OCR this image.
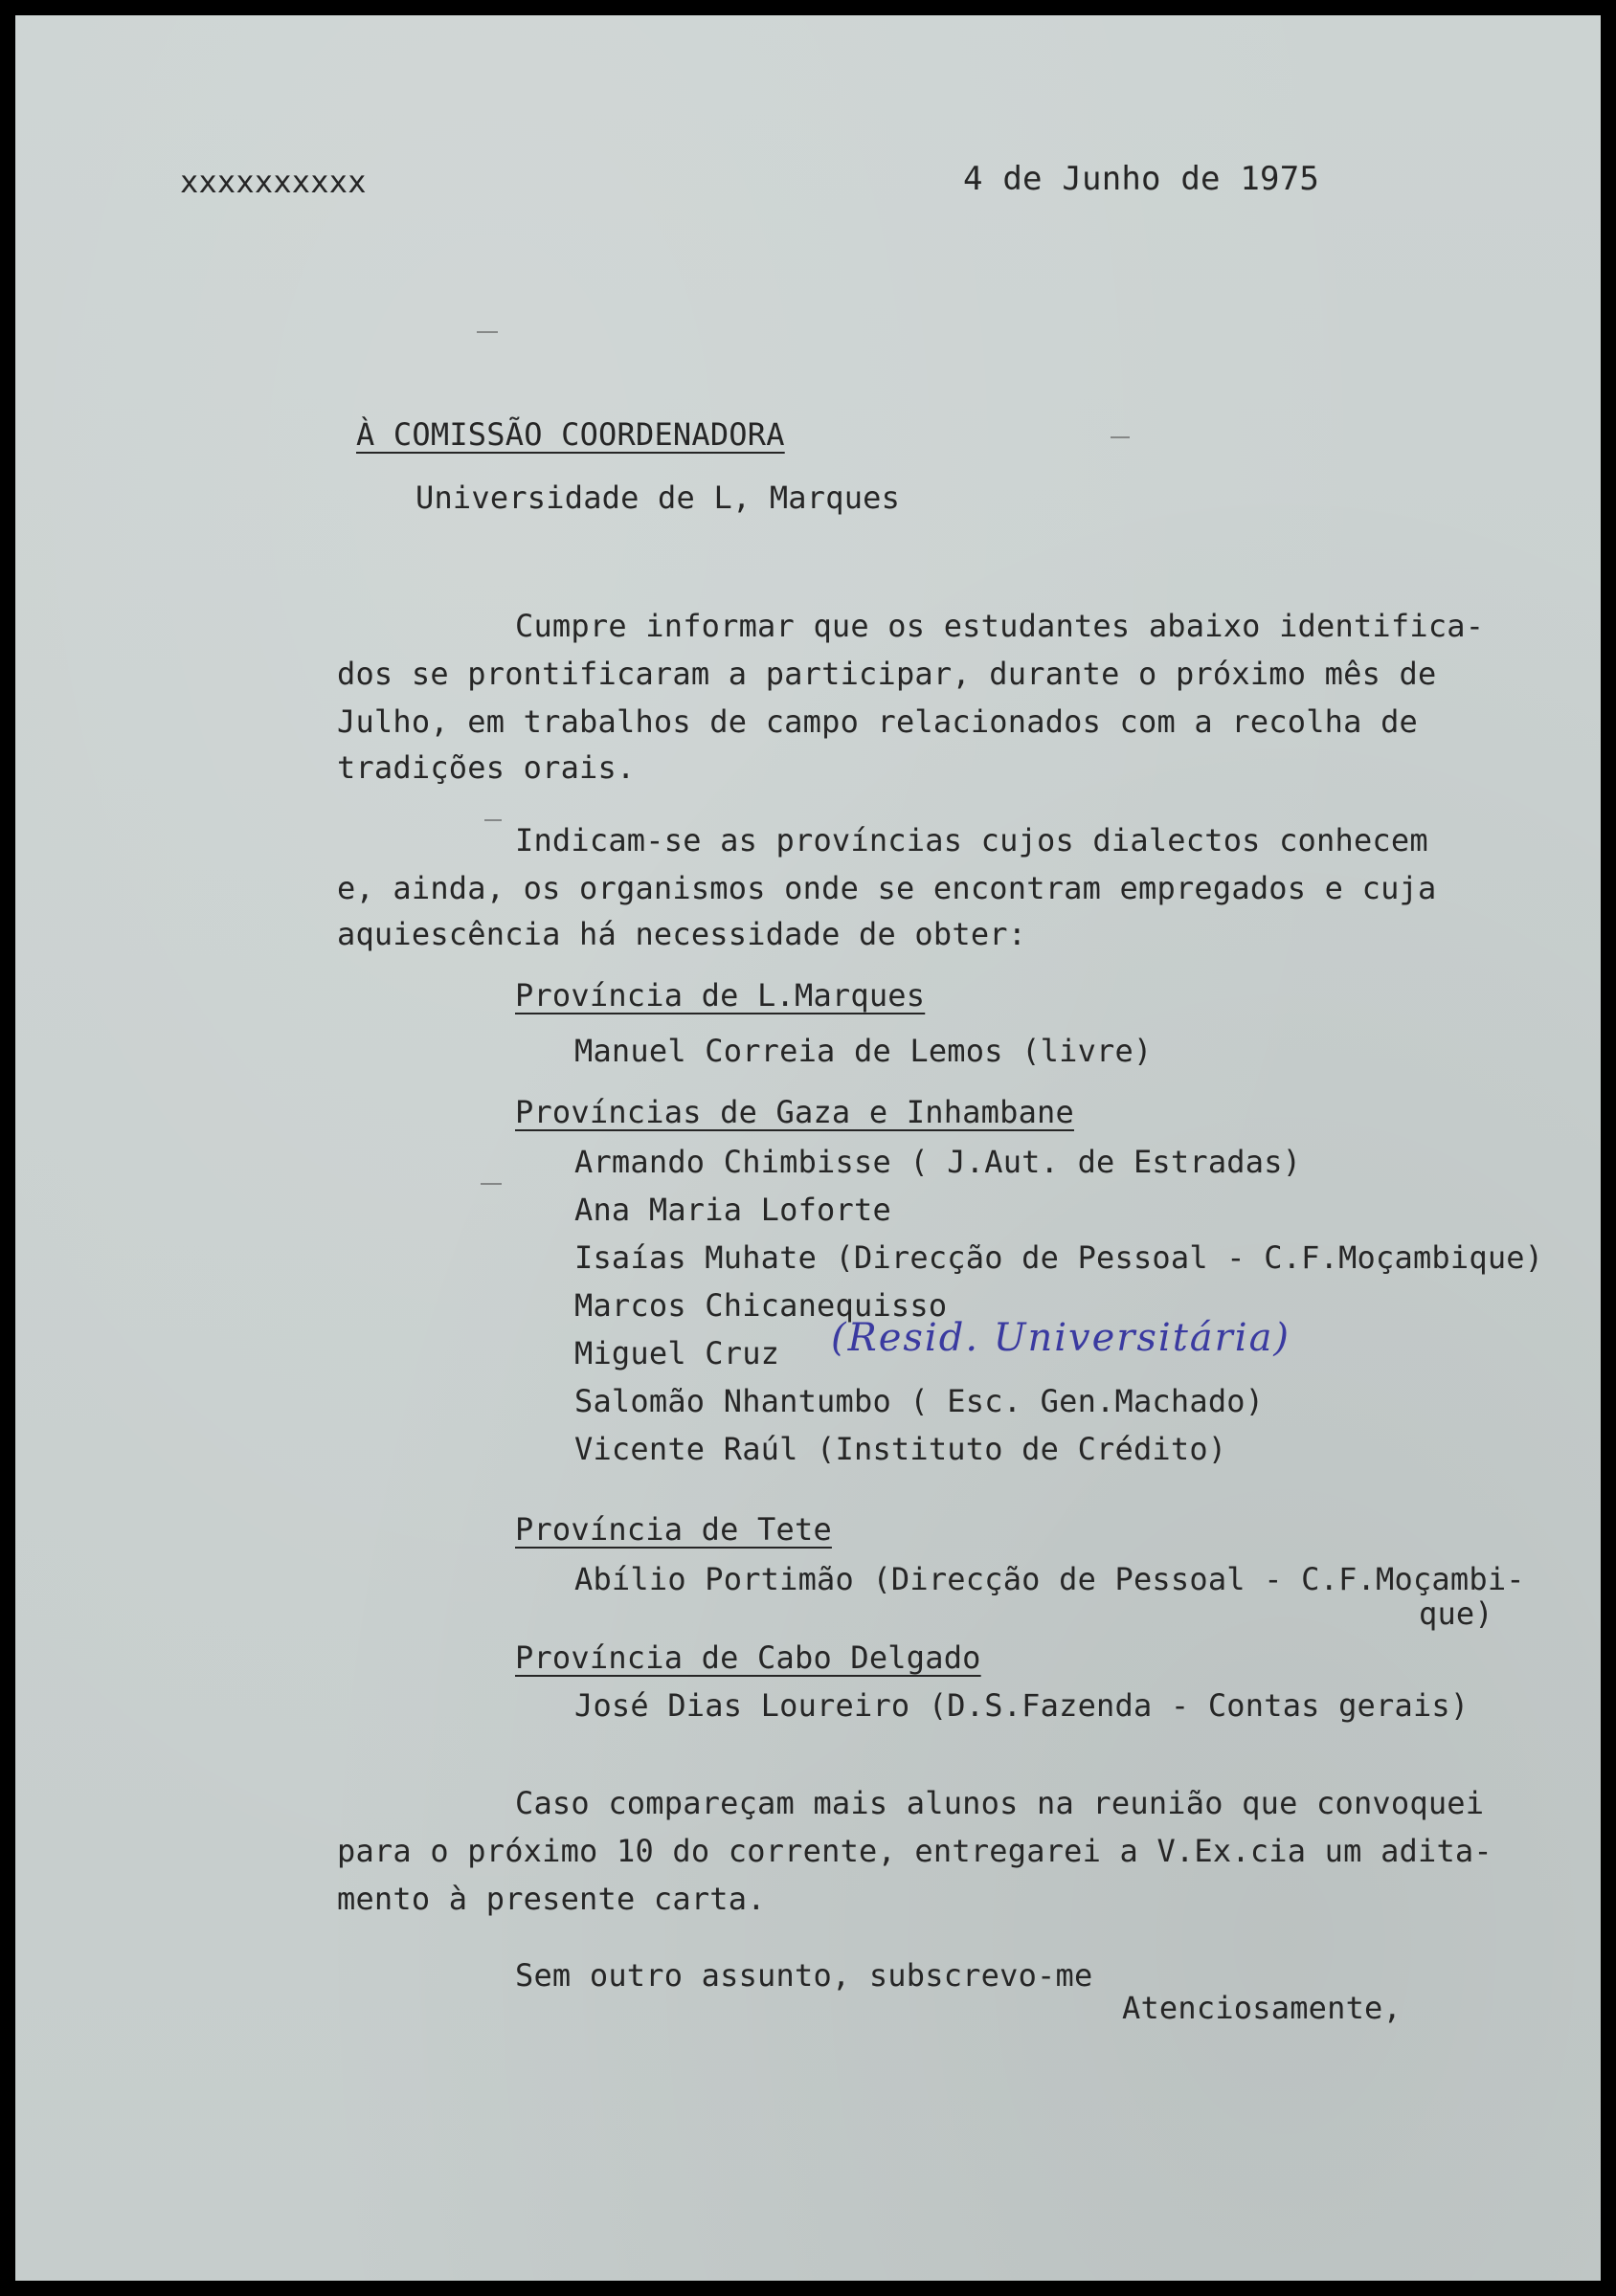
xxxxxxxxxx	4 de Junho de 1975
À COMISSÃO COORDENADORA
Universidade de L, Marques
Cumpre informar que os estudantes abaixo identifica-
dos se prontificaram a participar, durante o próximo mês de
Julho, em trabalhos de campo relacionados com a recolha de
tradições orais.
Indicam-se as províncias cujos dialectos conhecem
e, ainda, os organismos onde se encontram empregados e cuja
aquiescência há necessidade de obter:
Província de L.Marques
Manuel Correia de Lemos (livre)
Províncias de Gaza e Inhambane
Armando Chimbisse ( J.Aut. de Estradas)
Ana Maria Loforte
Isaías Muhate (Direcção de Pessoal - C.F.Moçambique)
Marcos Chicanequisso
Miguel Cruz (Resid. Universitária)
Salomão Nhantumbo ( Esc. Gen.Machado)
Vicente Raúl (Instituto de Crédito)
Província de Tete
Abílio Portimão (Direcção de Pessoal - C.F.Moçambi-
que)
Província de Cabo Delgado
José Dias Loureiro (D.S.Fazenda - Contas gerais)
Caso compareçam mais alunos na reunião que convoquei
para o próximo 10 do corrente, entregarei a V.Ex.cia um adita-
mento à presente carta.
Sem outro assunto, subscrevo-me
Atenciosamente,
